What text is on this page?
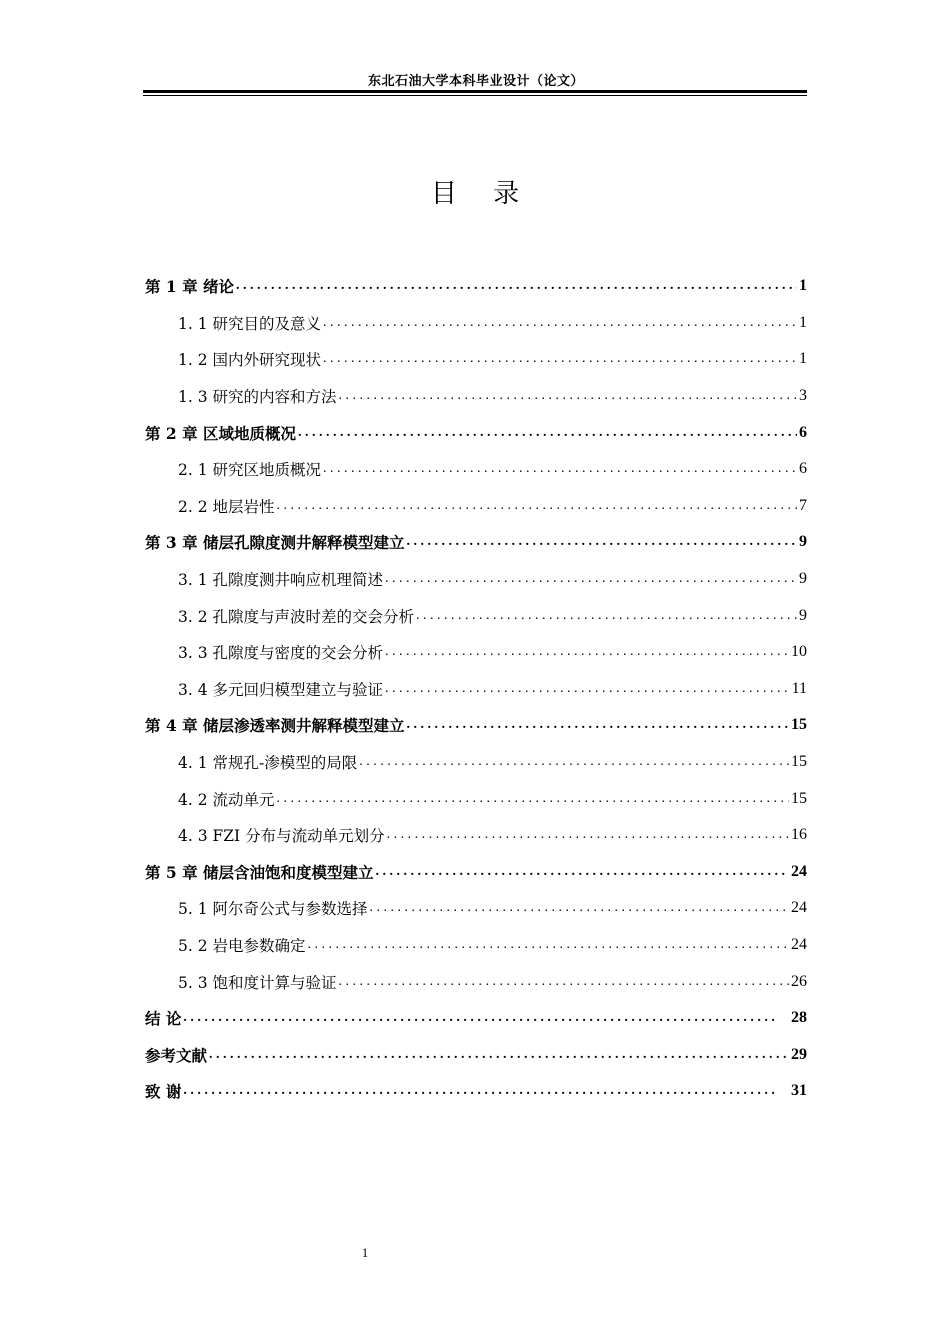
东北石油大学本科毕业设计（论文）
目 录
第 1 章 绪论 . . .	1
1. 1 研究目的及意义 . . .	1
1. 2 国内外研究现状 . . .	1
1. 3 研究的内容和方法 . . .	3
第 2 章 区域地质概况 . . .	6
2. 1 研究区地质概况 . . .	6
2. 2 地层岩性 . . .	7
第 3 章 储层孔隙度测井解释模型建立 . . .	9
3. 1 孔隙度测井响应机理简述 . . .	9
3. 2 孔隙度与声波时差的交会分析 . . .	9
3. 3 孔隙度与密度的交会分析 . . .	10
3. 4 多元回归模型建立与验证 . . .	11
第 4 章 储层渗透率测井解释模型建立 . . .	15
4. 1 常规孔-渗模型的局限 . . .	15
4. 2 流动单元 . . .	15
4. 3 FZI 分布与流动单元划分 . . .	16
第 5 章 储层含油饱和度模型建立 . . .	24
5. 1 阿尔奇公式与参数选择 . . .	24
5. 2 岩电参数确定 . . .	24
5. 3 饱和度计算与验证 . . .	26
结 论 . . .	28
参考文献 . . .	29
致 谢 . . .	31
1
